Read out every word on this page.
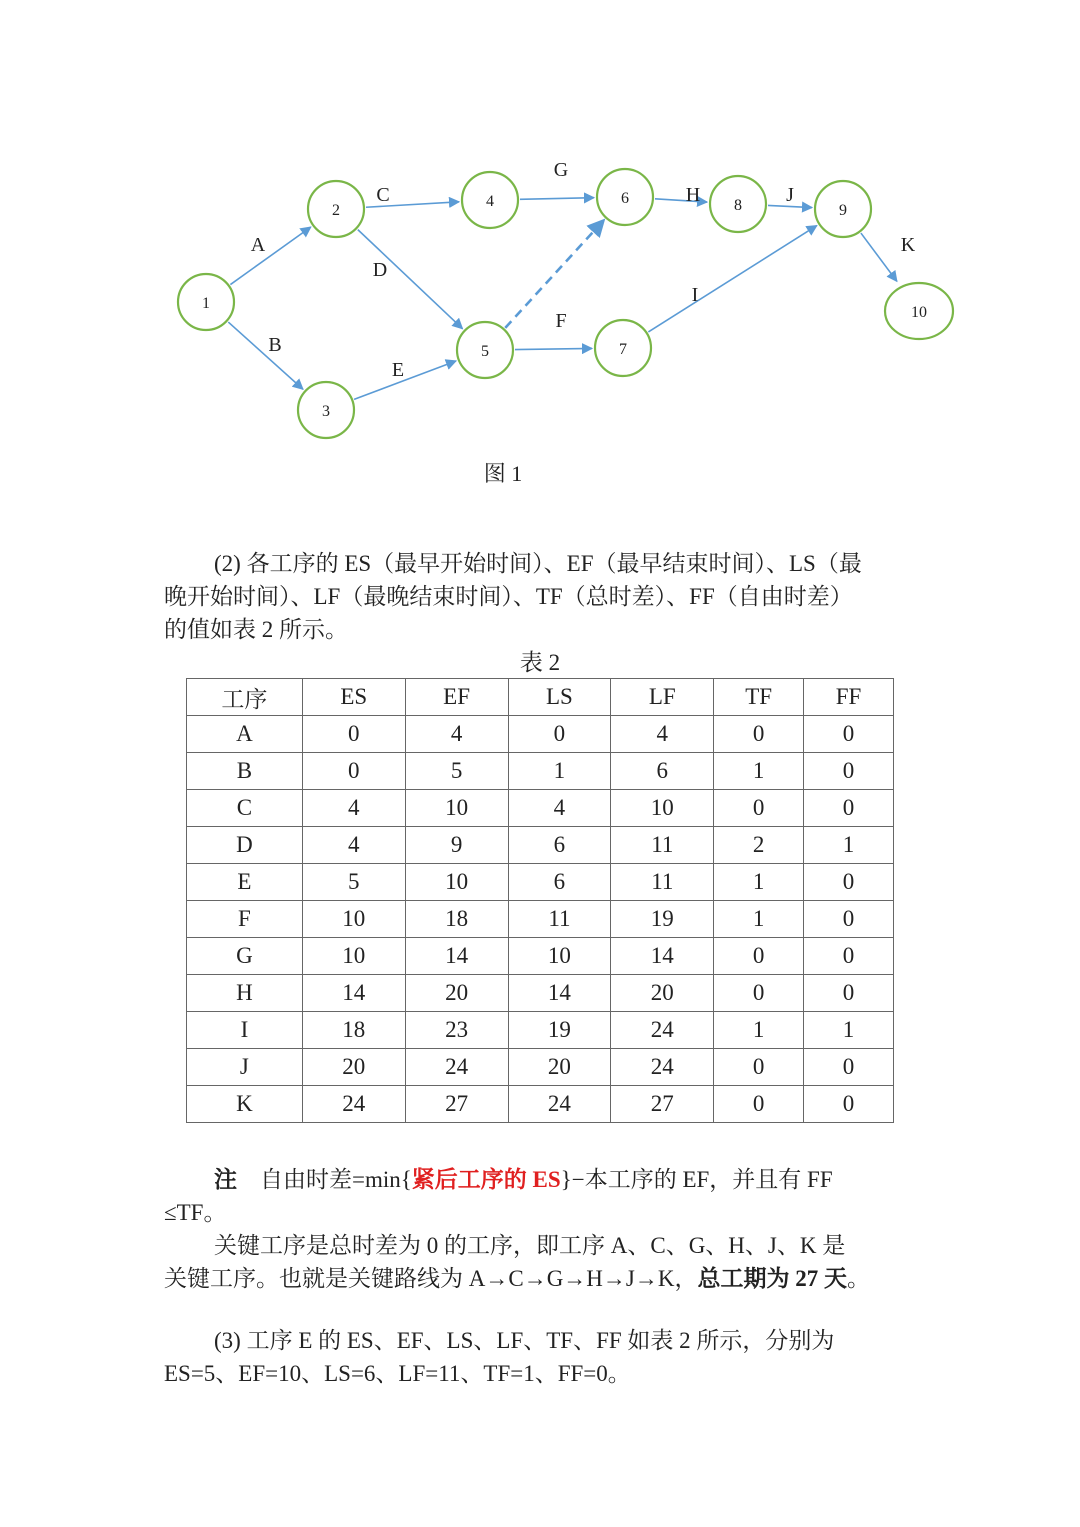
A
B
C
D
E
F
G
H
I
J
K
1
2
3
4
5
6
7
8	9
10
图 1
(2) 各工序的 ES（最早开始时间）、EF（最早结束时间）、LS（最
晚开始时间）、LF（最晚结束时间）、TF（总时差）、FF（自由时差）
的值如表 2 所示。
表 2
工序	ES	EF	LS	LF	TF	FF
A	0	4	0	4	0	0
B	0	5	1	6	1	0
C	4	10	4	10	0	0
D	4	9	6	11	2	1
E	5	10	6	11	1	0
F	10	18	11	19	1	0
G	10	14	10	14	0	0
H	14	20	14	20	0	0
I	18	23	19	24	1	1
J	20	24	20	24	0	0
K	24	27	24	27	0	0
注 自由时差=min{紧后工序的 ES}−本工序的 EF，并且有 FF
≤TF。
关键工序是总时差为 0 的工序，即工序 A、C、G、H、J、K 是
关键工序。也就是关键路线为 A→C→G→H→J→K，总工期为 27 天。
(3) 工序 E 的 ES、EF、LS、LF、TF、FF 如表 2 所示，分别为
ES=5、EF=10、LS=6、LF=11、TF=1、FF=0。
